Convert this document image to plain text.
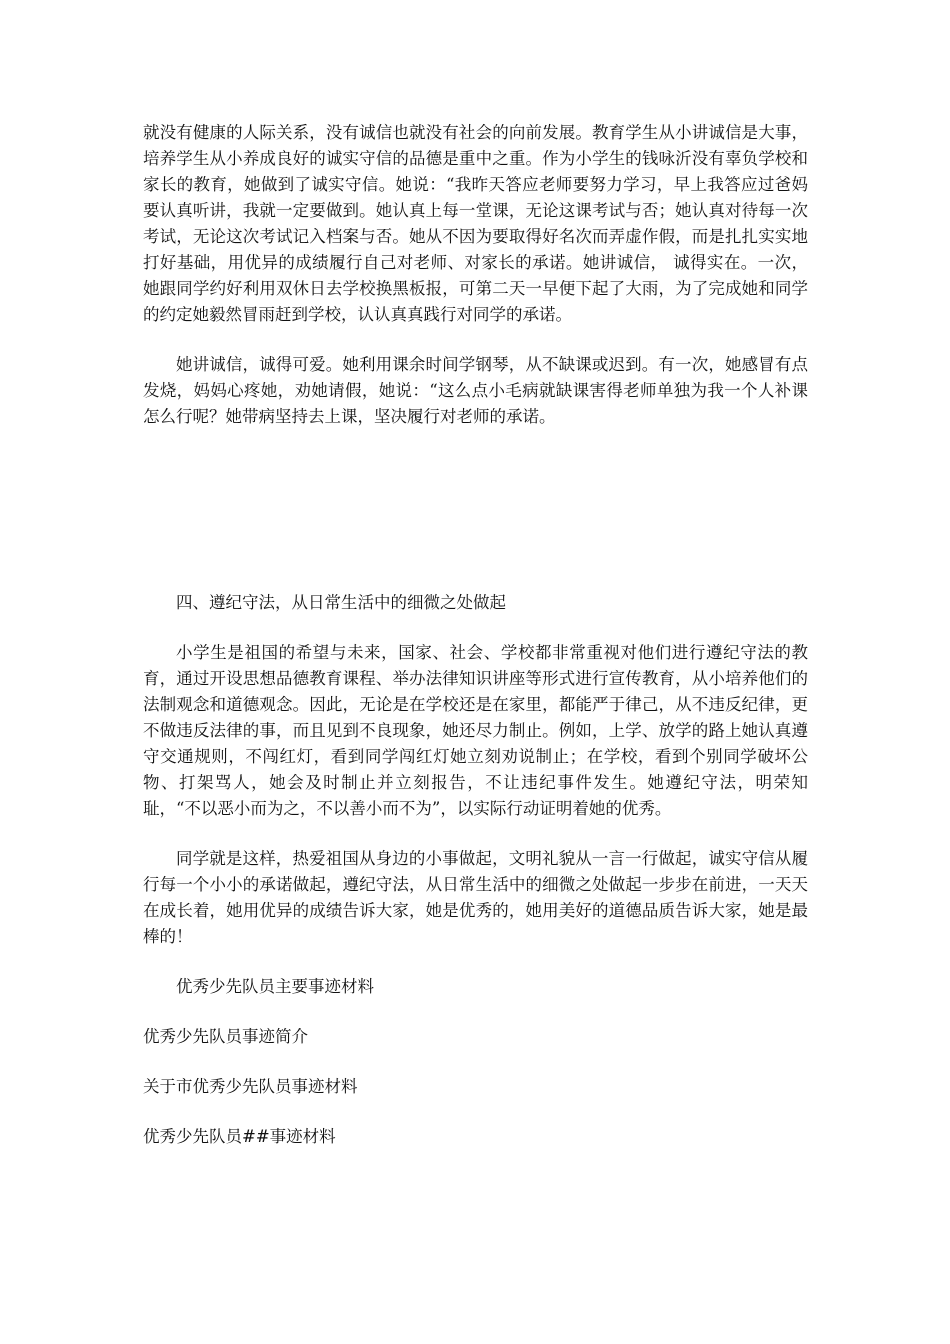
就没有健康的人际关系，没有诚信也就没有社会的向前发展。教育学生从小讲诚信是大事，培养学生从小养成良好的诚实守信的品德是重中之重。作为小学生的钱咏沂没有辜负学校和家长的教育，她做到了诚实守信。她说：“我昨天答应老师要努力学习，早上我答应过爸妈要认真听讲，我就一定要做到。她认真上每一堂课，无论这课考试与否；她认真对待每一次考试，无论这次考试记入档案与否。她从不因为要取得好名次而弄虚作假，而是扎扎实实地打好基础，用优异的成绩履行自己对老师、对家长的承诺。她讲诚信， 诚得实在。一次，她跟同学约好利用双休日去学校换黑板报，可第二天一早便下起了大雨，为了完成她和同学的约定她毅然冒雨赶到学校，认认真真践行对同学的承诺。

她讲诚信，诚得可爱。她利用课余时间学钢琴，从不缺课或迟到。有一次，她感冒有点发烧，妈妈心疼她，劝她请假，她说：“这么点小毛病就缺课害得老师单独为我一个人补课怎么行呢？她带病坚持去上课，坚决履行对老师的承诺。

四、遵纪守法，从日常生活中的细微之处做起

小学生是祖国的希望与未来，国家、社会、学校都非常重视对他们进行遵纪守法的教育，通过开设思想品德教育课程、举办法律知识讲座等形式进行宣传教育，从小培养他们的法制观念和道德观念。因此，无论是在学校还是在家里，都能严于律己，从不违反纪律，更不做违反法律的事，而且见到不良现象，她还尽力制止。例如，上学、放学的路上她认真遵守交通规则，不闯红灯，看到同学闯红灯她立刻劝说制止；在学校，看到个别同学破坏公物、打架骂人，她会及时制止并立刻报告，不让违纪事件发生。她遵纪守法，明荣知耻，“不以恶小而为之，不以善小而不为”，以实际行动证明着她的优秀。

同学就是这样，热爱祖国从身边的小事做起，文明礼貌从一言一行做起，诚实守信从履行每一个小小的承诺做起，遵纪守法，从日常生活中的细微之处做起一步步在前进，一天天在成长着，她用优异的成绩告诉大家，她是优秀的，她用美好的道德品质告诉大家，她是最棒的！

优秀少先队员主要事迹材料

优秀少先队员事迹简介

关于市优秀少先队员事迹材料

优秀少先队员##事迹材料
